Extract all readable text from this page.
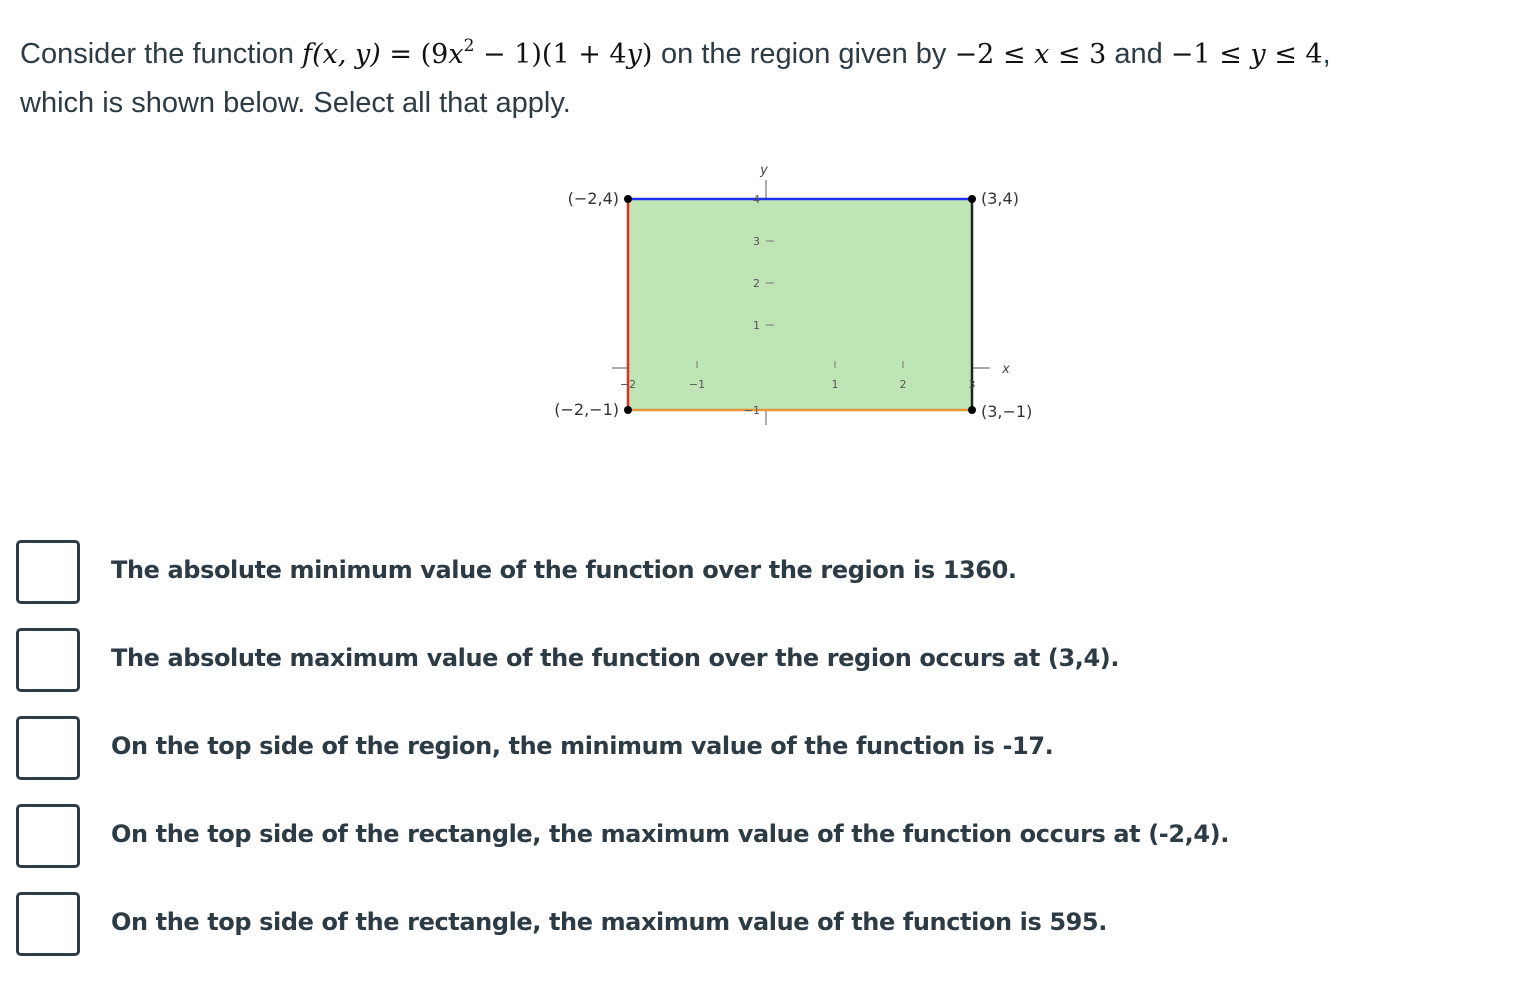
Consider the function f(x, $y) = (9x^2 - 1)(1 + 4y)$ on the region given by −2 ≤ x ≤ 3 and −1 ≤ y ≤ 4,
which is shown below. Select all that apply.
y
x
4
3
2
1
−1
−2	−1	1	2	3
(−2,4)	(3,4)
(−2,−1)	(3,−1)
The absolute minimum value of the function over the region is 1360.
The absolute maximum value of the function over the region occurs at (3,4).
On the top side of the region, the minimum value of the function is -17.
On the top side of the rectangle, the maximum value of the function occurs at (-2,4).
On the top side of the rectangle, the maximum value of the function is 595.
